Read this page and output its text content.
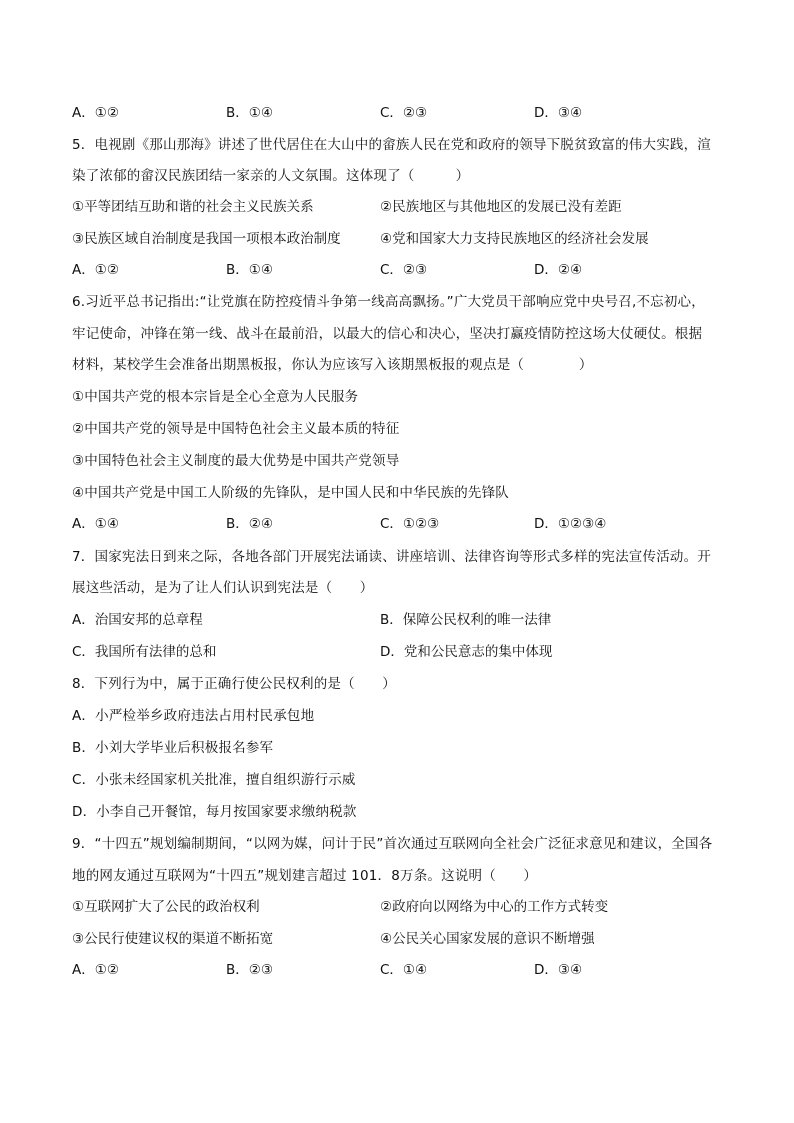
A．①②	B．①④	C．②③	D．③④
5．电视剧《那山那海》讲述了世代居住在大山中的畲族人民在党和政府的领导下脱贫致富的伟大实践，渲
染了浓郁的畲汉民族团结一家亲的人文氛围。这体现了（　　　）
①平等团结互助和谐的社会主义民族关系	②民族地区与其他地区的发展已没有差距
③民族区域自治制度是我国一项根本政治制度	④党和国家大力支持民族地区的经济社会发展
A．①②	B．①④	C．②③	D．②④
6.习近平总书记指出:“让党旗在防控疫情斗争第一线高高飘扬。”广大党员干部响应党中央号召,不忘初心，
牢记使命，冲锋在第一线、战斗在最前沿，以最大的信心和决心，坚决打赢疫情防控这场大仗硬仗。根据
材料，某校学生会准备出期黑板报，你认为应该写入该期黑板报的观点是（　　　　）
①中国共产党的根本宗旨是全心全意为人民服务
②中国共产党的领导是中国特色社会主义最本质的特征
③中国特色社会主义制度的最大优势是中国共产党领导
④中国共产党是中国工人阶级的先锋队，是中国人民和中华民族的先锋队
A．①④	B．②④	C．①②③	D．①②③④
7．国家宪法日到来之际，各地各部门开展宪法诵读、讲座培训、法律咨询等形式多样的宪法宣传活动。开
展这些活动，是为了让人们认识到宪法是（　　）
A．治国安邦的总章程	B．保障公民权利的唯一法律
C．我国所有法律的总和	D．党和公民意志的集中体现
8．下列行为中，属于正确行使公民权利的是（　　）
A．小严检举乡政府违法占用村民承包地
B．小刘大学毕业后积极报名参军
C．小张未经国家机关批准，擅自组织游行示威
D．小李自己开餐馆，每月按国家要求缴纳税款
9．“十四五”规划编制期间，“以网为媒，问计于民”首次通过互联网向全社会广泛征求意见和建议，全国各
地的网友通过互联网为“十四五”规划建言超过 101．8万条。这说明（　　）
①互联网扩大了公民的政治权利	②政府向以网络为中心的工作方式转变
③公民行使建议权的渠道不断拓宽	④公民关心国家发展的意识不断增强
A．①②	B．②③	C．①④	D．③④
